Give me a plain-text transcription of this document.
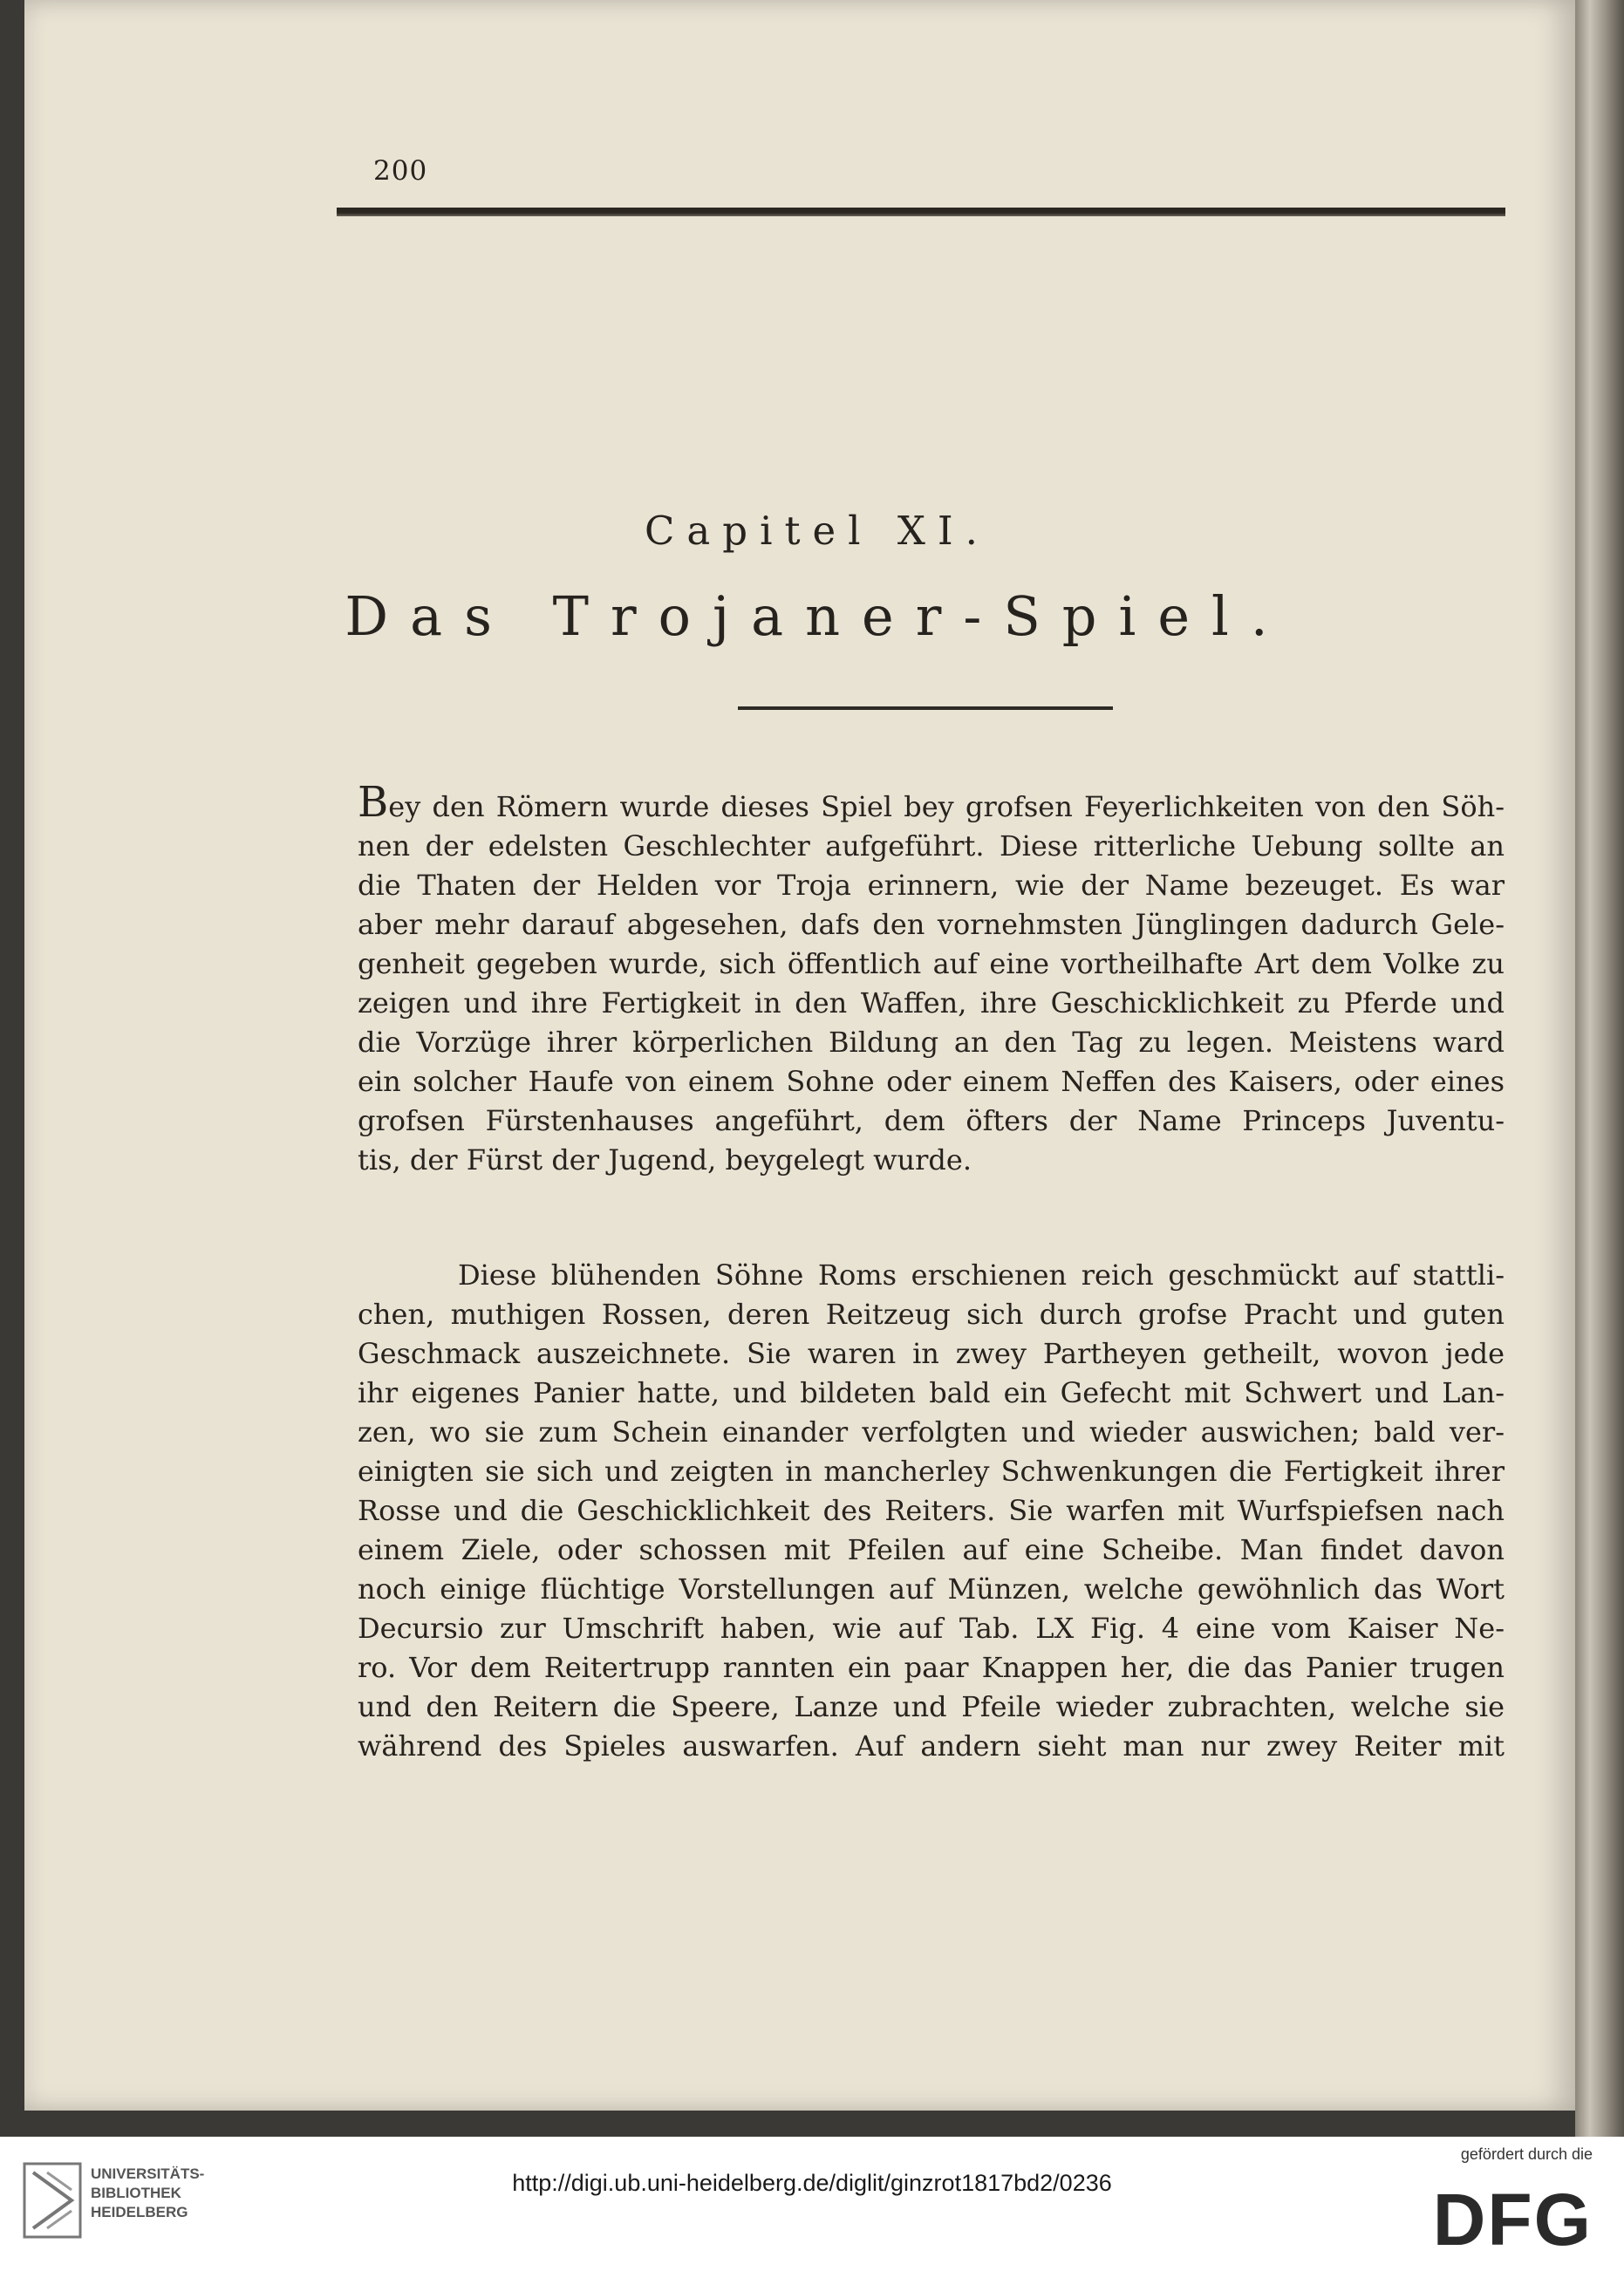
200
Capitel XI.
Das Trojaner-Spiel.
Bey den Römern wurde dieses Spiel bey grofsen Feyerlichkeiten von den Söh-
nen der edelsten Geschlechter aufgeführt. Diese ritterliche Uebung sollte an
die Thaten der Helden vor Troja erinnern, wie der Name bezeuget. Es war
aber mehr darauf abgesehen, dafs den vornehmsten Jünglingen dadurch Gele-
genheit gegeben wurde, sich öffentlich auf eine vortheilhafte Art dem Volke zu
zeigen und ihre Fertigkeit in den Waffen, ihre Geschicklichkeit zu Pferde und
die Vorzüge ihrer körperlichen Bildung an den Tag zu legen. Meistens ward
ein solcher Haufe von einem Sohne oder einem Neffen des Kaisers, oder eines
grofsen Fürstenhauses angeführt, dem öfters der Name Princeps Juventu-
tis, der Fürst der Jugend, beygelegt wurde.
Diese blühenden Söhne Roms erschienen reich geschmückt auf stattli-
chen, muthigen Rossen, deren Reitzeug sich durch grofse Pracht und guten
Geschmack auszeichnete. Sie waren in zwey Partheyen getheilt, wovon jede
ihr eigenes Panier hatte, und bildeten bald ein Gefecht mit Schwert und Lan-
zen, wo sie zum Schein einander verfolgten und wieder auswichen; bald ver-
einigten sie sich und zeigten in mancherley Schwenkungen die Fertigkeit ihrer
Rosse und die Geschicklichkeit des Reiters. Sie warfen mit Wurfspiefsen nach
einem Ziele, oder schossen mit Pfeilen auf eine Scheibe. Man findet davon
noch einige flüchtige Vorstellungen auf Münzen, welche gewöhnlich das Wort
Decursio zur Umschrift haben, wie auf Tab. LX Fig. 4 eine vom Kaiser Ne-
ro. Vor dem Reitertrupp rannten ein paar Knappen her, die das Panier trugen
und den Reitern die Speere, Lanze und Pfeile wieder zubrachten, welche sie
während des Spieles auswarfen. Auf andern sieht man nur zwey Reiter mit
UNIVERSITÄTS-
BIBLIOTHEK
HEIDELBERG
http://digi.ub.uni-heidelberg.de/diglit/ginzrot1817bd2/0236
gefördert durch die
DFG
